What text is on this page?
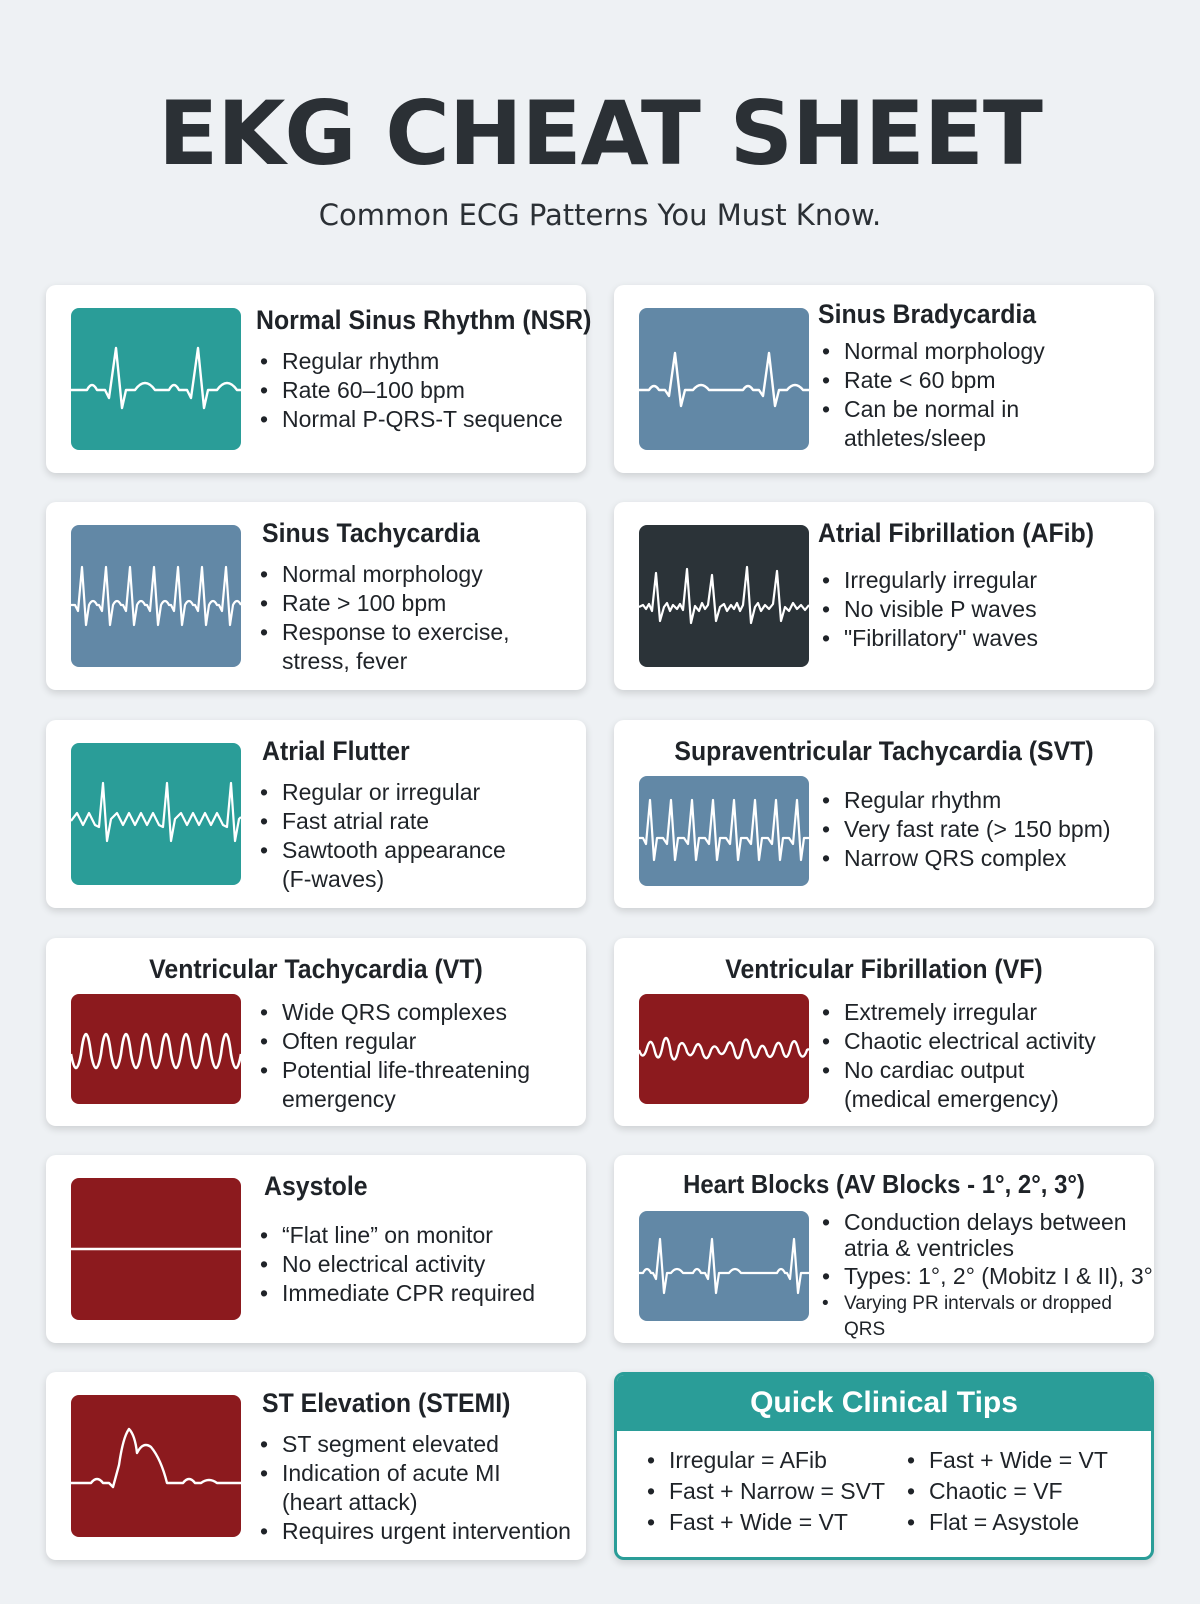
EKG CHEAT SHEET

Common ECG Patterns You Must Know.

Normal Sinus Rhythm (NSR)
• Regular rhythm
• Rate 60–100 bpm
• Normal P-QRS-T sequence
Sinus Bradycardia
• Normal morphology
• Rate < 60 bpm
• Can be normal in athletes/sleep
Sinus Tachycardia
• Normal morphology
• Rate > 100 bpm
• Response to exercise, stress, fever
Atrial Fibrillation (AFib)
• Irregularly irregular
• No visible P waves
• "Fibrillatory" waves
Atrial Flutter
• Regular or irregular
• Fast atrial rate
• Sawtooth appearance (F-waves)
Supraventricular Tachycardia (SVT)
• Regular rhythm
• Very fast rate (> 150 bpm)
• Narrow QRS complex
Ventricular Tachycardia (VT)
• Wide QRS complexes
• Often regular
• Potential life-threatening emergency
Ventricular Fibrillation (VF)
• Extremely irregular
• Chaotic electrical activity
• No cardiac output (medical emergency)
Asystole
• “Flat line” on monitor
• No electrical activity
• Immediate CPR required
Heart Blocks (AV Blocks - 1°, 2°, 3°)
• Conduction delays between atria & ventricles
• Types: 1°, 2° (Mobitz I & II), 3°
• Varying PR intervals or dropped QRS
ST Elevation (STEMI)
• ST segment elevated
• Indication of acute MI (heart attack)
• Requires urgent intervention
Quick Clinical Tips
• Irregular = AFib
• Fast + Narrow = SVT
• Fast + Wide = VT
• Fast + Wide = VT
• Chaotic = VF
• Flat = Asystole
